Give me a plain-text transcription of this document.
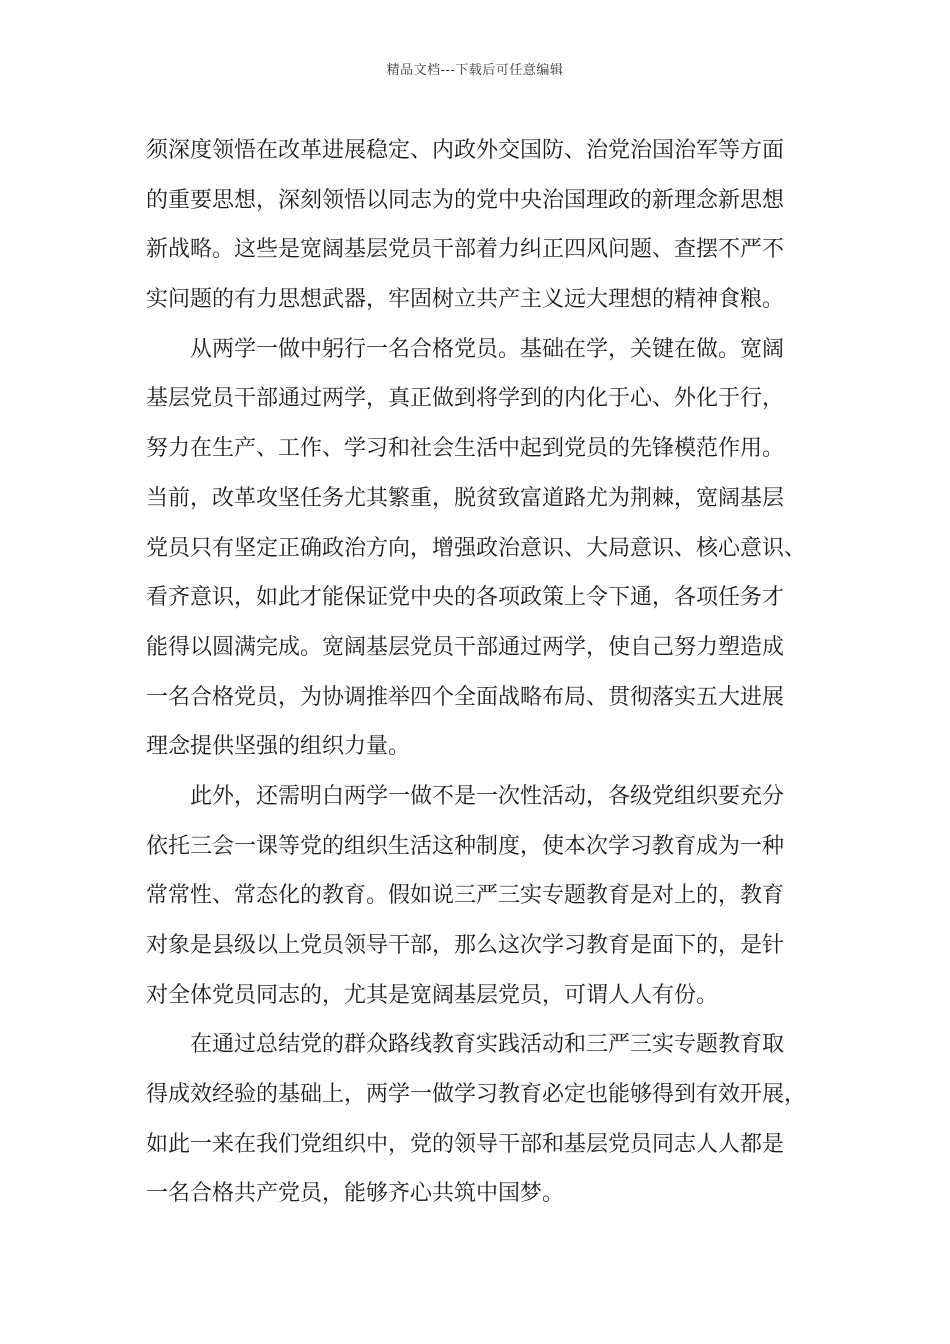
精品文档---下载后可任意编辑
须深度领悟在改革进展稳定、内政外交国防、治党治国治军等方面
的重要思想，深刻领悟以同志为的党中央治国理政的新理念新思想
新战略。这些是宽阔基层党员干部着力纠正四风问题、查摆不严不
实问题的有力思想武器，牢固树立共产主义远大理想的精神食粮。
从两学一做中躬行一名合格党员。基础在学，关键在做。宽阔
基层党员干部通过两学，真正做到将学到的内化于心、外化于行，
努力在生产、工作、学习和社会生活中起到党员的先锋模范作用。
当前，改革攻坚任务尤其繁重，脱贫致富道路尤为荆棘，宽阔基层
党员只有坚定正确政治方向，增强政治意识、大局意识、核心意识、
看齐意识，如此才能保证党中央的各项政策上令下通，各项任务才
能得以圆满完成。宽阔基层党员干部通过两学，使自己努力塑造成
一名合格党员，为协调推举四个全面战略布局、贯彻落实五大进展
理念提供坚强的组织力量。
此外，还需明白两学一做不是一次性活动，各级党组织要充分
依托三会一课等党的组织生活这种制度，使本次学习教育成为一种
常常性、常态化的教育。假如说三严三实专题教育是对上的，教育
对象是县级以上党员领导干部，那么这次学习教育是面下的，是针
对全体党员同志的，尤其是宽阔基层党员，可谓人人有份。
在通过总结党的群众路线教育实践活动和三严三实专题教育取
得成效经验的基础上，两学一做学习教育必定也能够得到有效开展，
如此一来在我们党组织中，党的领导干部和基层党员同志人人都是
一名合格共产党员，能够齐心共筑中国梦。
